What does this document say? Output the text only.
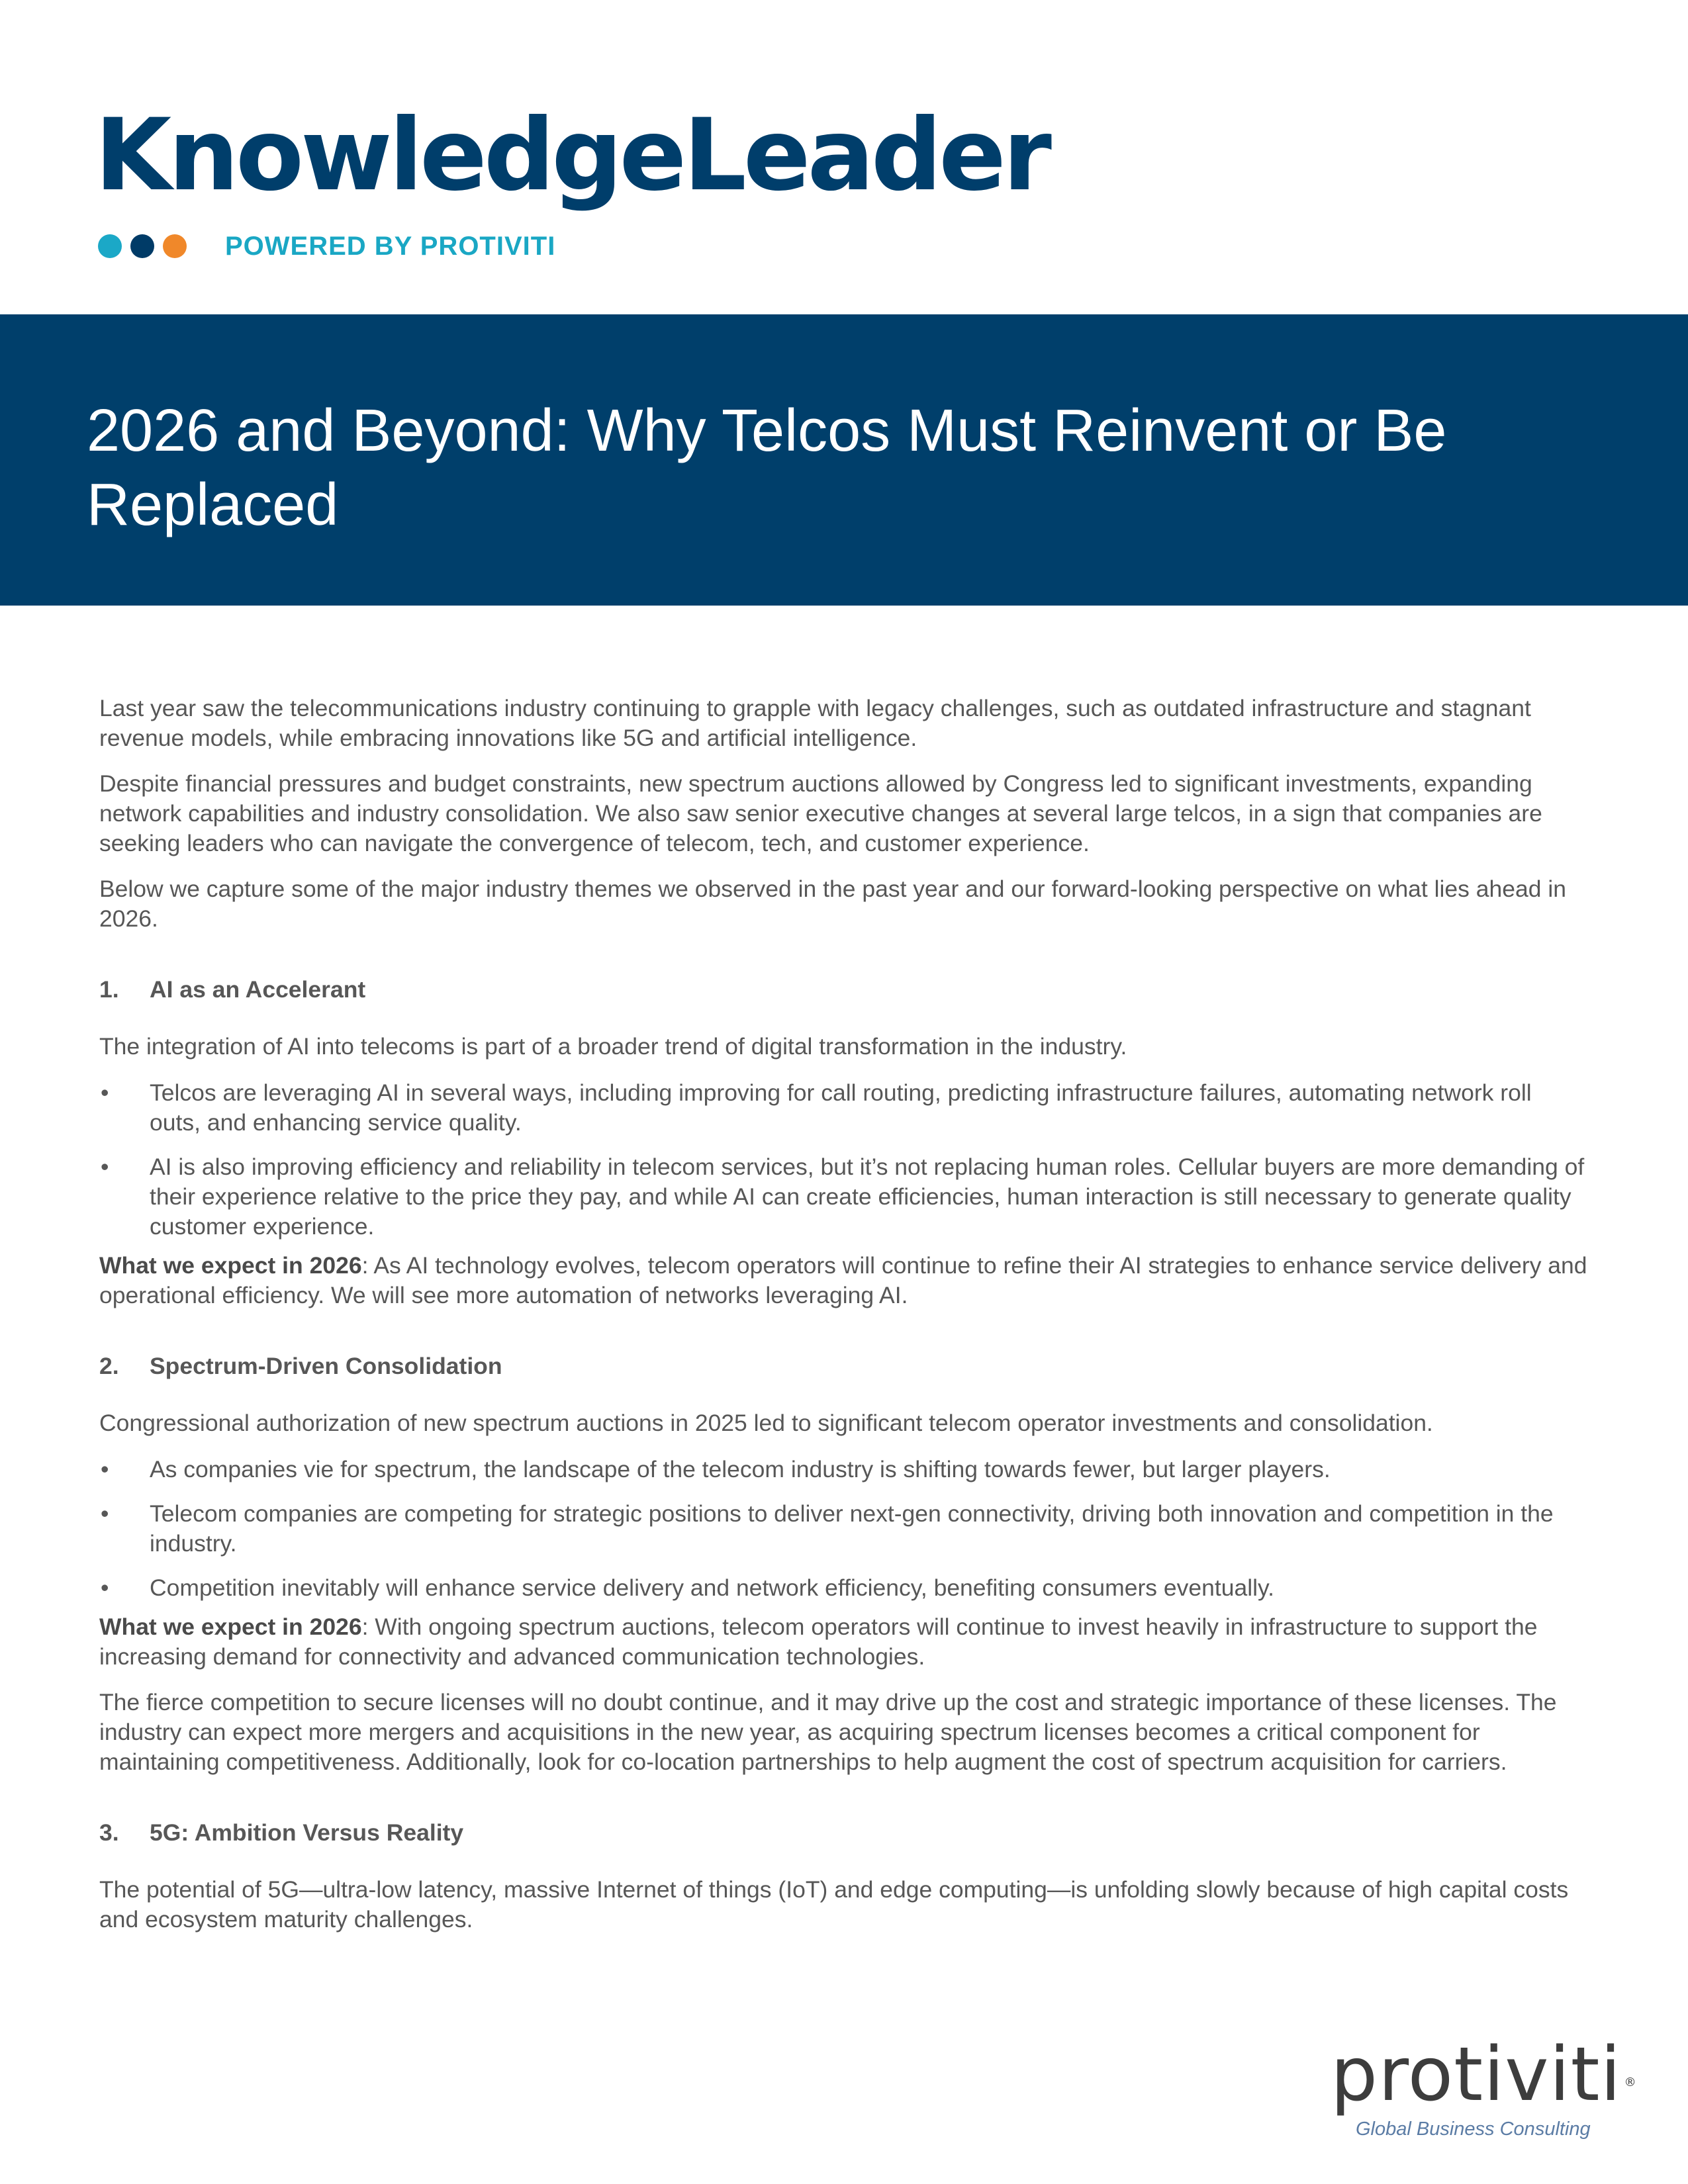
KnowledgeLeader
POWERED BY PROTIVITI
2026 and Beyond: Why Telcos Must Reinvent or Be Replaced

Last year saw the telecommunications industry continuing to grapple with legacy challenges, such as outdated infrastructure and stagnant revenue models, while embracing innovations like 5G and artificial intelligence.

Despite financial pressures and budget constraints, new spectrum auctions allowed by Congress led to significant investments, expanding network capabilities and industry consolidation. We also saw senior executive changes at several large telcos, in a sign that companies are seeking leaders who can navigate the convergence of telecom, tech, and customer experience.

Below we capture some of the major industry themes we observed in the past year and our forward-looking perspective on what lies ahead in 2026.

1.	AI as an Accelerant

The integration of AI into telecoms is part of a broader trend of digital transformation in the industry.

• Telcos are leveraging AI in several ways, including improving for call routing, predicting infrastructure failures, automating network roll outs, and enhancing service quality.
• AI is also improving efficiency and reliability in telecom services, but it’s not replacing human roles. Cellular buyers are more demanding of their experience relative to the price they pay, and while AI can create efficiencies, human interaction is still necessary to generate quality customer experience.

What we expect in 2026: As AI technology evolves, telecom operators will continue to refine their AI strategies to enhance service delivery and operational efficiency. We will see more automation of networks leveraging AI.

2.	Spectrum-Driven Consolidation

Congressional authorization of new spectrum auctions in 2025 led to significant telecom operator investments and consolidation.

• As companies vie for spectrum, the landscape of the telecom industry is shifting towards fewer, but larger players.
• Telecom companies are competing for strategic positions to deliver next-gen connectivity, driving both innovation and competition in the industry.
• Competition inevitably will enhance service delivery and network efficiency, benefiting consumers eventually.

What we expect in 2026: With ongoing spectrum auctions, telecom operators will continue to invest heavily in infrastructure to support the increasing demand for connectivity and advanced communication technologies.

The fierce competition to secure licenses will no doubt continue, and it may drive up the cost and strategic importance of these licenses. The industry can expect more mergers and acquisitions in the new year, as acquiring spectrum licenses becomes a critical component for maintaining competitiveness. Additionally, look for co-location partnerships to help augment the cost of spectrum acquisition for carriers.

3.	5G: Ambition Versus Reality

The potential of 5G—ultra-low latency, massive Internet of things (IoT) and edge computing—is unfolding slowly because of high capital costs and ecosystem maturity challenges.

protiviti ®
Global Business Consulting
